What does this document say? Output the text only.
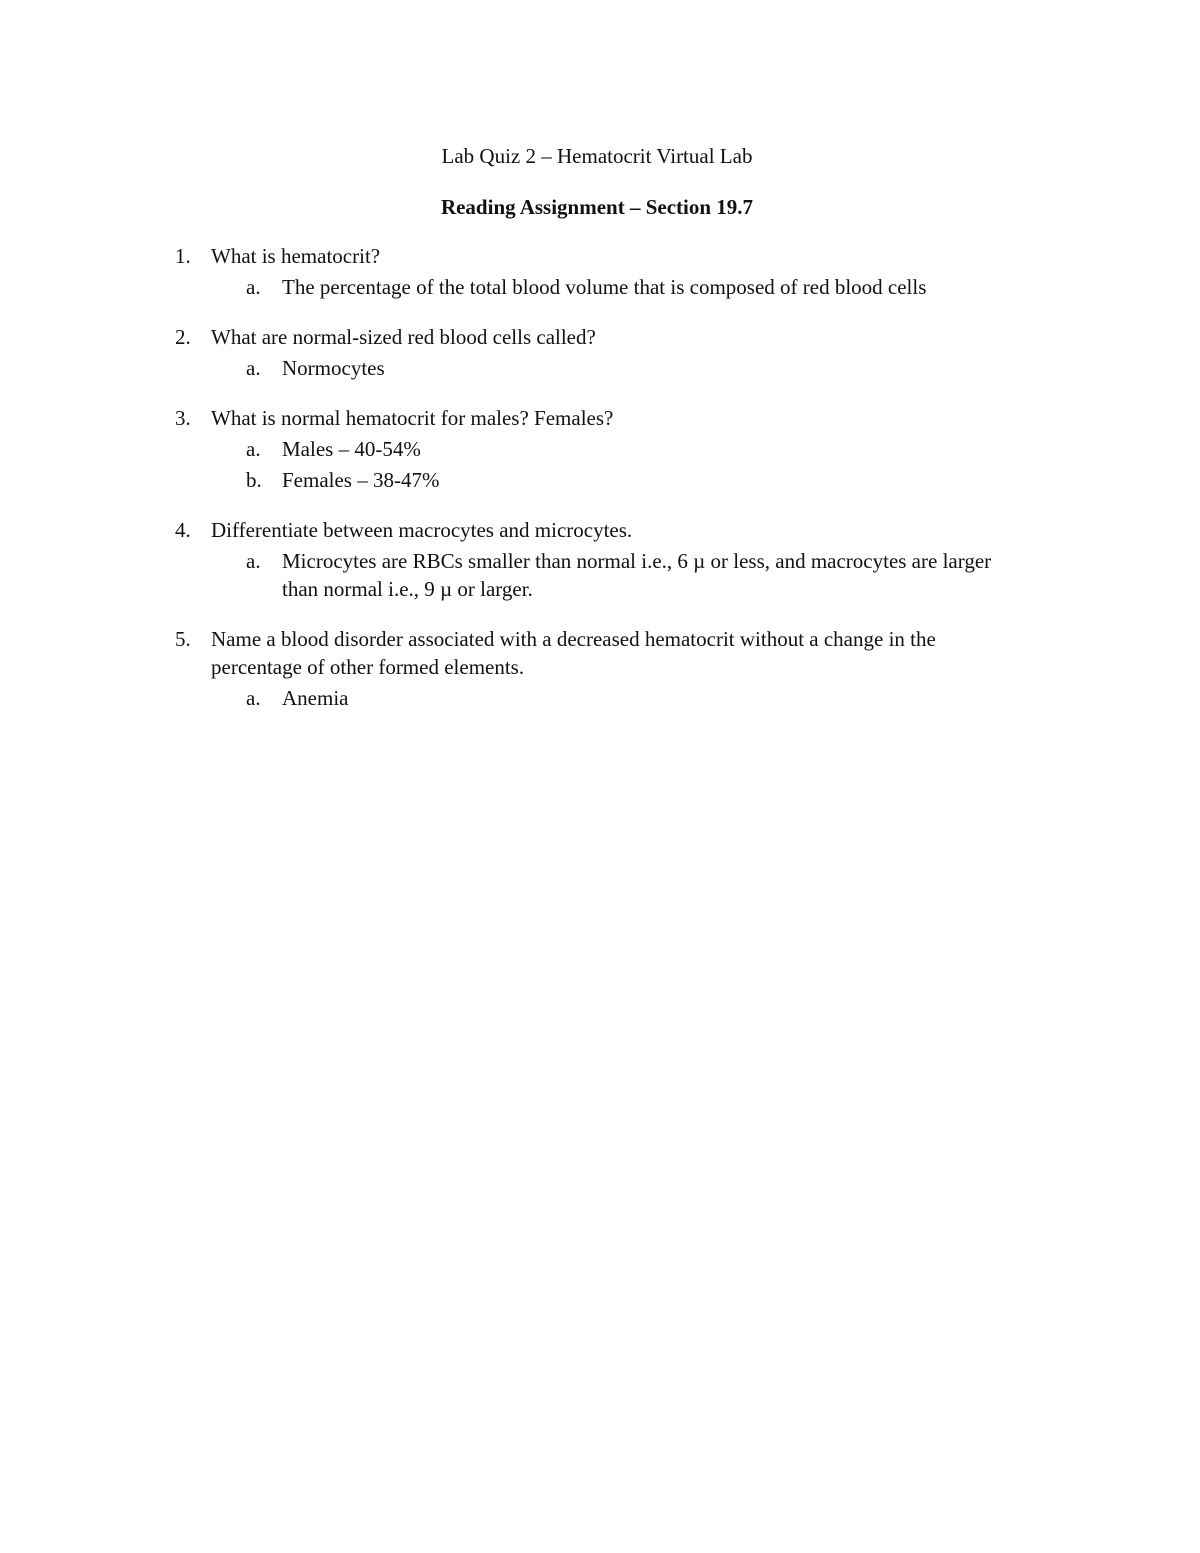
Lab Quiz 2 – Hematocrit Virtual Lab
Reading Assignment – Section 19.7
1. What is hematocrit?
a. The percentage of the total blood volume that is composed of red blood cells
2. What are normal-sized red blood cells called?
a. Normocytes
3. What is normal hematocrit for males? Females?
a. Males – 40-54%
b. Females – 38-47%
4. Differentiate between macrocytes and microcytes.
a. Microcytes are RBCs smaller than normal i.e., 6 µ or less, and macrocytes are larger than normal i.e., 9 µ or larger.
5. Name a blood disorder associated with a decreased hematocrit without a change in the percentage of other formed elements.
a. Anemia
